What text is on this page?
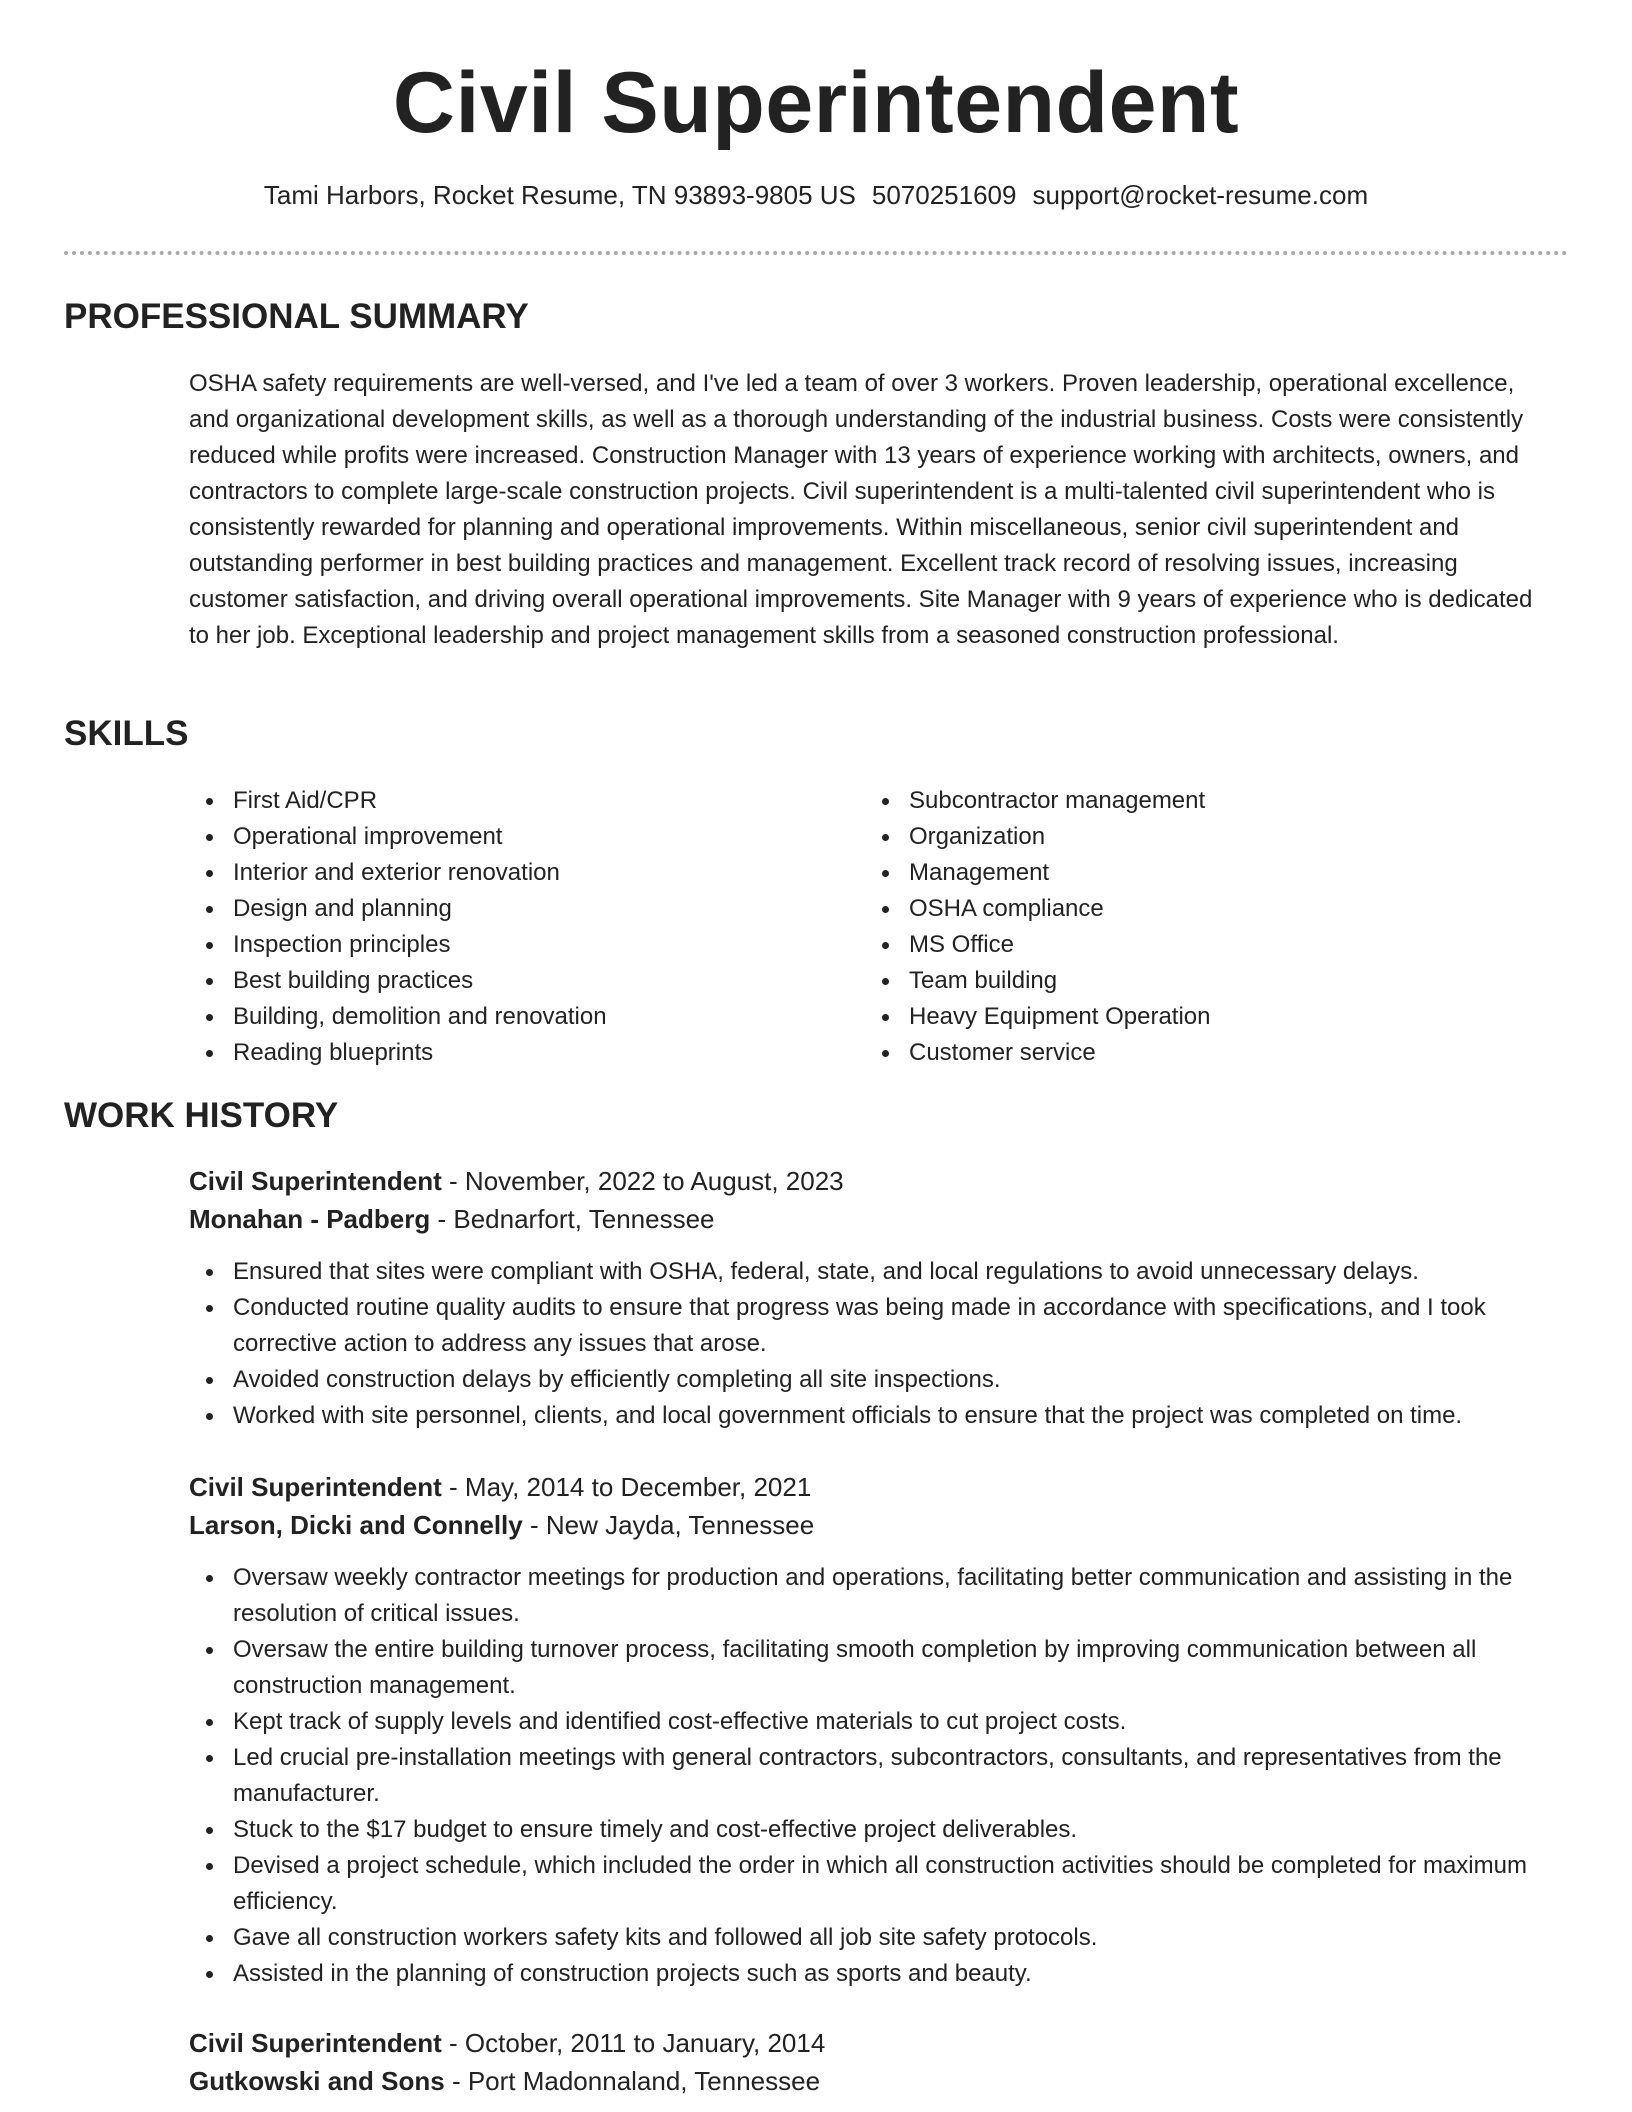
Civil Superintendent
Tami Harbors, Rocket Resume, TN 93893-9805 US 5070251609 support@rocket-resume.com
PROFESSIONAL SUMMARY

OSHA safety requirements are well-versed, and I've led a team of over 3 workers. Proven leadership, operational excellence, and organizational development skills, as well as a thorough understanding of the industrial business. Costs were consistently reduced while profits were increased. Construction Manager with 13 years of experience working with architects, owners, and contractors to complete large-scale construction projects. Civil superintendent is a multi-talented civil superintendent who is consistently rewarded for planning and operational improvements. Within miscellaneous, senior civil superintendent and outstanding performer in best building practices and management. Excellent track record of resolving issues, increasing customer satisfaction, and driving overall operational improvements. Site Manager with 9 years of experience who is dedicated to her job. Exceptional leadership and project management skills from a seasoned construction professional.

SKILLS
First Aid/CPR
Operational improvement
Interior and exterior renovation
Design and planning
Inspection principles
Best building practices
Building, demolition and renovation
Reading blueprints
Subcontractor management
Organization
Management
OSHA compliance
MS Office
Team building
Heavy Equipment Operation
Customer service
WORK HISTORY
Civil Superintendent - November, 2022 to August, 2023
Monahan - Padberg - Bednarfort, Tennessee
Ensured that sites were compliant with OSHA, federal, state, and local regulations to avoid unnecessary delays.
Conducted routine quality audits to ensure that progress was being made in accordance with specifications, and I took corrective action to address any issues that arose.
Avoided construction delays by efficiently completing all site inspections.
Worked with site personnel, clients, and local government officials to ensure that the project was completed on time.
Civil Superintendent - May, 2014 to December, 2021
Larson, Dicki and Connelly - New Jayda, Tennessee
Oversaw weekly contractor meetings for production and operations, facilitating better communication and assisting in the resolution of critical issues.
Oversaw the entire building turnover process, facilitating smooth completion by improving communication between all construction management.
Kept track of supply levels and identified cost-effective materials to cut project costs.
Led crucial pre-installation meetings with general contractors, subcontractors, consultants, and representatives from the manufacturer.
Stuck to the $17 budget to ensure timely and cost-effective project deliverables.
Devised a project schedule, which included the order in which all construction activities should be completed for maximum efficiency.
Gave all construction workers safety kits and followed all job site safety protocols.
Assisted in the planning of construction projects such as sports and beauty.
Civil Superintendent - October, 2011 to January, 2014
Gutkowski and Sons - Port Madonnaland, Tennessee
